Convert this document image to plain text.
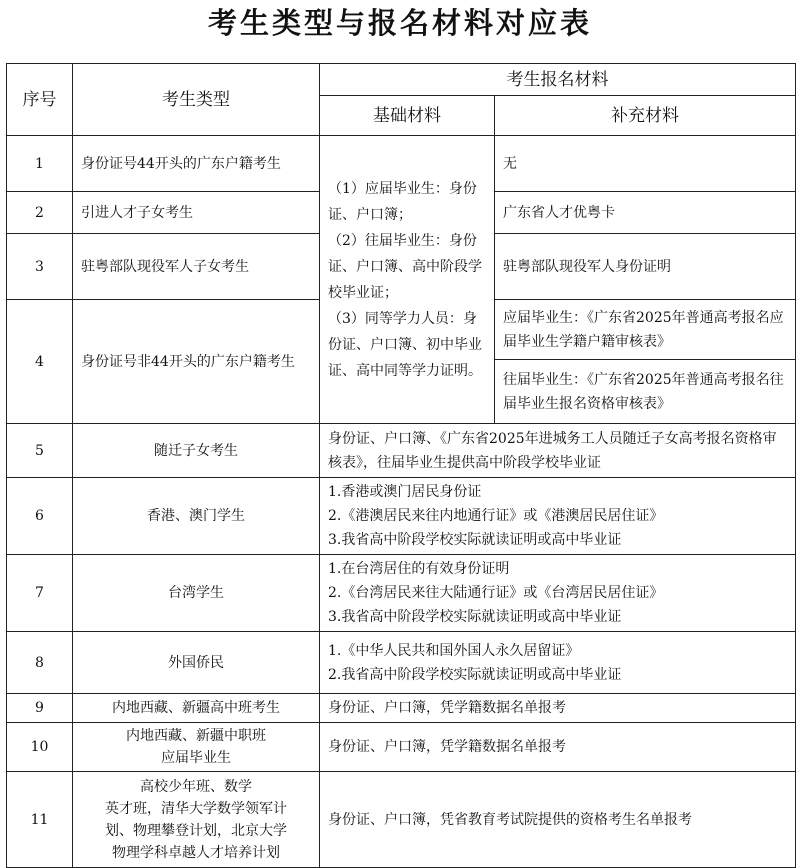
考生类型与报名材料对应表
序号	考生类型	考生报名材料	
		基础材料	补充材料
1	身份证号44开头的广东户籍考生	（1）应届毕业生：身份证、户口簿；
（2）往届毕业生：身份证、户口簿、高中阶段学校毕业证；
（3）同等学力人员：身份证、户口簿、初中毕业证、高中同等学力证明。	无
2	引进人才子女考生		广东省人才优粤卡
3	驻粤部队现役军人子女考生		驻粤部队现役军人身份证明
4	身份证号非44开头的广东户籍考生		应届毕业生：《广东省2025年普通高考报名应届毕业生学籍户籍审核表》
			往届毕业生：《广东省2025年普通高考报名往届毕业生报名资格审核表》
5	随迁子女考生	身份证、户口簿、《广东省2025年进城务工人员随迁子女高考报名资格审核表》，往届毕业生提供高中阶段学校毕业证	
6	香港、澳门学生	1.香港或澳门居民身份证
2.《港澳居民来往内地通行证》或《港澳居民居住证》
3.我省高中阶段学校实际就读证明或高中毕业证	
7	台湾学生	1.在台湾居住的有效身份证明
2.《台湾居民来往大陆通行证》或《台湾居民居住证》
3.我省高中阶段学校实际就读证明或高中毕业证	
8	外国侨民	1.《中华人民共和国外国人永久居留证》
2.我省高中阶段学校实际就读证明或高中毕业证	
9	内地西藏、新疆高中班考生	身份证、户口簿，凭学籍数据名单报考	
10	内地西藏、新疆中职班
应届毕业生	身份证、户口簿，凭学籍数据名单报考	
11	高校少年班、数学
英才班，清华大学数学领军计
划、物理攀登计划，北京大学
物理学科卓越人才培养计划	身份证、户口簿，凭省教育考试院提供的资格考生名单报考	
